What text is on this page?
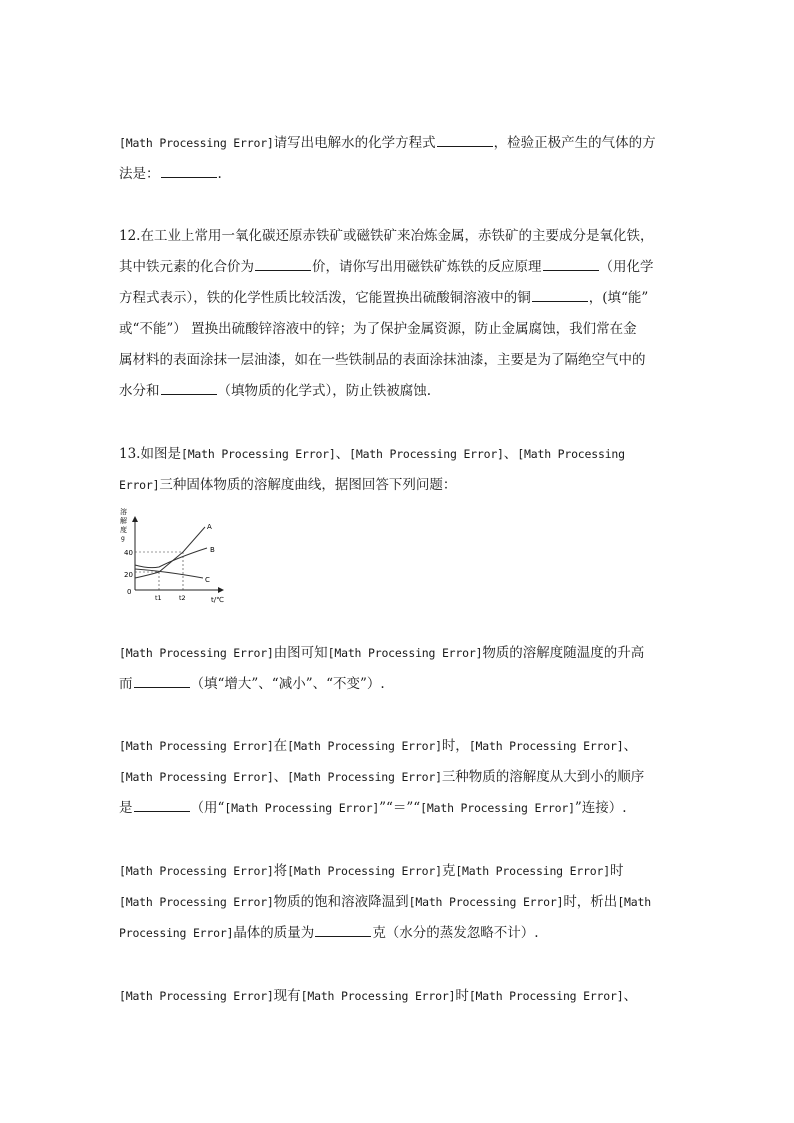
[Math Processing Error]请写出电解水的化学方程式	，检验正极产生的气体的方

法是：	.

12.在工业上常用一氧化碳还原赤铁矿或磁铁矿来冶炼金属，赤铁矿的主要成分是氧化铁，

其中铁元素的化合价为	价，请你写出用磁铁矿炼铁的反应原理	（用化学

方程式表示），铁的化学性质比较活泼，它能置换出硫酸铜溶液中的铜	，(填“能”

或“不能”） 置换出硫酸锌溶液中的锌；为了保护金属资源，防止金属腐蚀，我们常在金

属材料的表面涂抹一层油漆，如在一些铁制品的表面涂抹油漆，主要是为了隔绝空气中的

水分和	（填物质的化学式），防止铁被腐蚀.

13.如图是[Math Processing Error]、[Math Processing Error]、[Math Processing

Error]三种固体物质的溶解度曲线，据图回答下列问题：

溶
解
度
g
0
40
20
A
B
C
t1	t2	t/℃

[Math Processing Error]由图可知[Math Processing Error]物质的溶解度随温度的升高

而	（填“增大”、“减小”、“不变”）.

[Math Processing Error]在[Math Processing Error]时，[Math Processing Error]、

[Math Processing Error]、[Math Processing Error]三种物质的溶解度从大到小的顺序

是	（用“[Math Processing Error]”“＝”“[Math Processing Error]”连接）.

[Math Processing Error]将[Math Processing Error]克[Math Processing Error]时

[Math Processing Error]物质的饱和溶液降温到[Math Processing Error]时，析出[Math

Processing Error]晶体的质量为	克（水分的蒸发忽略不计）.

[Math Processing Error]现有[Math Processing Error]时[Math Processing Error]、
